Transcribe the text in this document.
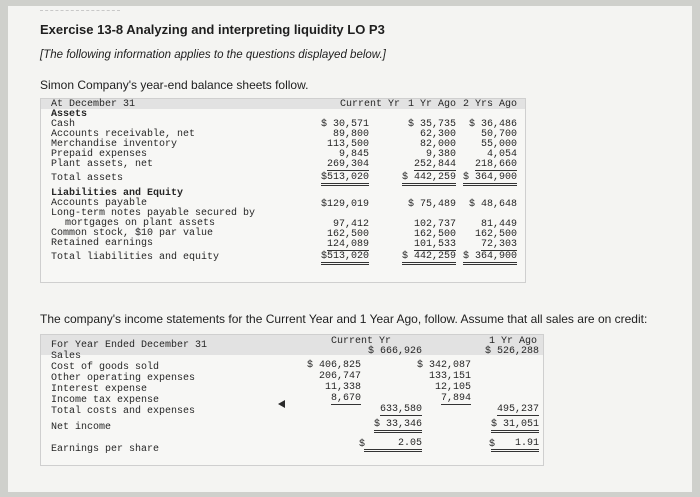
Exercise 13-8 Analyzing and interpreting liquidity LO P3
[The following information applies to the questions displayed below.]
Simon Company's year-end balance sheets follow.
At December 31	Current Yr 1 Yr Ago 2 Yrs Ago
Assets
Cash	$ 30,571	$ 35,735 $ 36,486
Accounts receivable, net	89,800	62,300 50,700
Merchandise inventory	113,500	82,000 55,000
Prepaid expenses	9,845	9,380	4,054
Plant assets, net	269,304	252,844 218,660
Total assets	$513,020	$ 442,259 $ 364,900
Liabilities and Equity
Accounts payable	$129,019	$ 75,489 $ 48,648
Long-term notes payable secured by
mortgages on plant assets	97,412	102,737 81,449
Common stock, $10 par value	162,500	162,500 162,500
Retained earnings	124,089	101,533 72,303
Total liabilities and equity	$513,020	$ 442,259 $ 364,900
The company's income statements for the Current Year and 1 Year Ago, follow. Assume that all sales are on credit:
For Year Ended December 31	Current Yr	1 Yr Ago
Sales	$ 666,926	$ 526,288
Cost of goods sold	$ 406,825	$ 342,087
Other operating expenses	206,747	133,151
Interest expense	11,338	12,105
Income tax expense	8,670	7,894
Total costs and expenses	633,580	495,237
Net income	$ 33,346	$ 31,051
Earnings per share	$	2.05	$	1.91
